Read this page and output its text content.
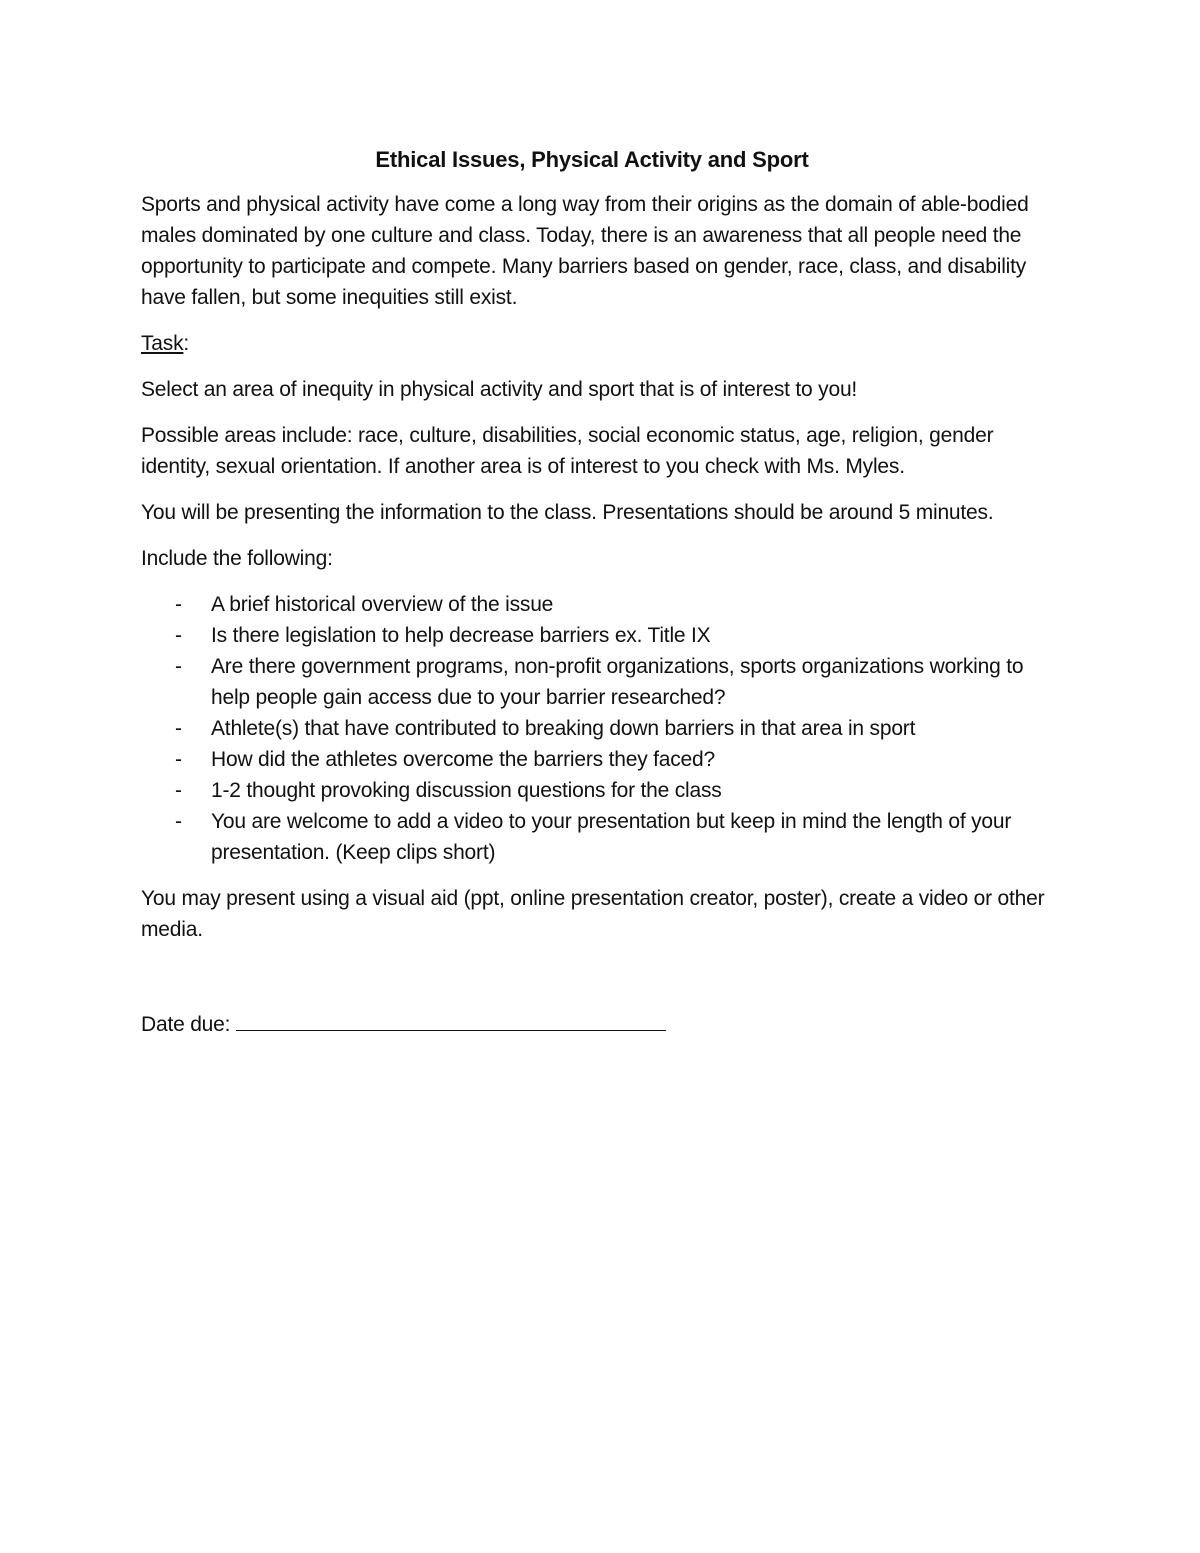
Ethical Issues, Physical Activity and Sport

Sports and physical activity have come a long way from their origins as the domain of able-bodied males dominated by one culture and class. Today, there is an awareness that all people need the opportunity to participate and compete. Many barriers based on gender, race, class, and disability have fallen, but some inequities still exist.

Task:

Select an area of inequity in physical activity and sport that is of interest to you!

Possible areas include: race, culture, disabilities, social economic status, age, religion, gender identity, sexual orientation. If another area is of interest to you check with Ms. Myles.

You will be presenting the information to the class. Presentations should be around 5 minutes.

Include the following:

- A brief historical overview of the issue
- Is there legislation to help decrease barriers ex. Title IX
- Are there government programs, non-profit organizations, sports organizations working to help people gain access due to your barrier researched?
- Athlete(s) that have contributed to breaking down barriers in that area in sport
- How did the athletes overcome the barriers they faced?
- 1-2 thought provoking discussion questions for the class
- You are welcome to add a video to your presentation but keep in mind the length of your presentation. (Keep clips short)

You may present using a visual aid (ppt, online presentation creator, poster), create a video or other media.

Date due:
